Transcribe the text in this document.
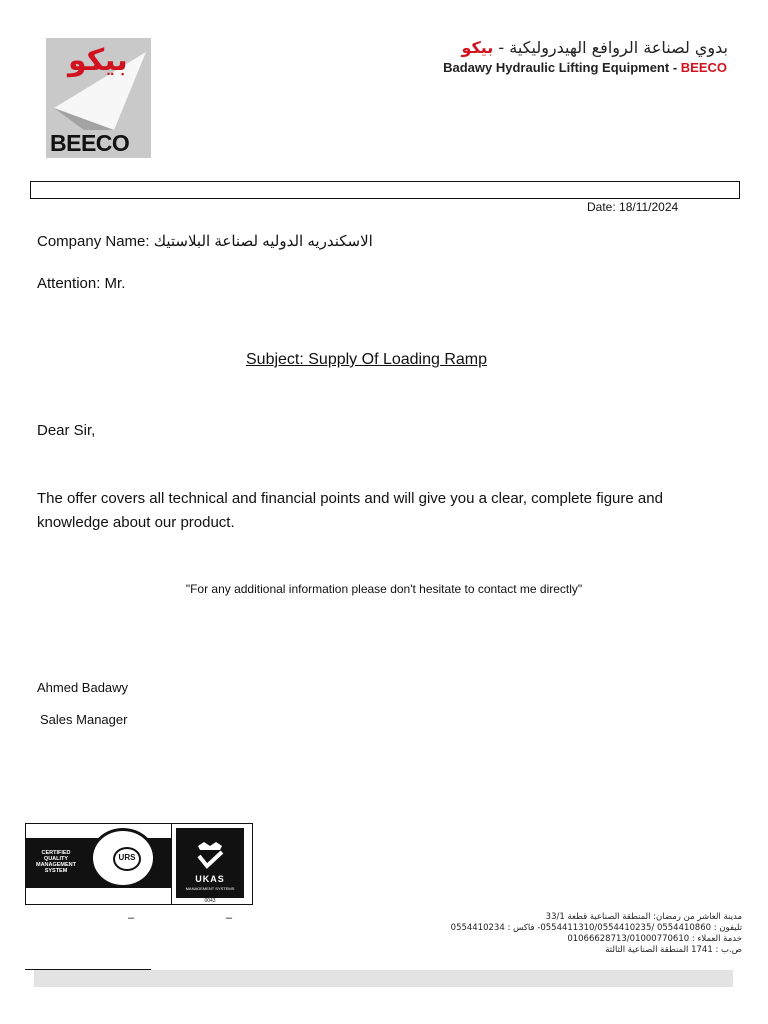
بيكو
BEECO
بدوي لصناعة الروافع الهيدروليكية - بيكو
Badawy Hydraulic Lifting Equipment - BEECO
Date: 18/11/2024
Company Name: الاسكندريه الدوليه لصناعة البلاستيك
Attention: Mr.
Subject: Supply Of Loading Ramp
Dear Sir,
The offer covers all technical and financial points and will give you a clear, complete figure and knowledge about our product.
"For any additional information please don't hesitate to contact me directly"
Ahmed Badawy
Sales Manager
CERTIFIED QUALITY MANAGEMENT SYSTEM
URS
UKAS
MANAGEMENT SYSTEMS
0043
–	–	مدينة العاشر من رمضان: المنطقة الصناعية قطعة 33/1
تليفون : 0554410860 /0554411310/0554410235- فاكس : 0554410234
خدمة العملاء : 01066628713/01000770610
ص.ب : 1741 المنطقة الصناعية الثالثة
